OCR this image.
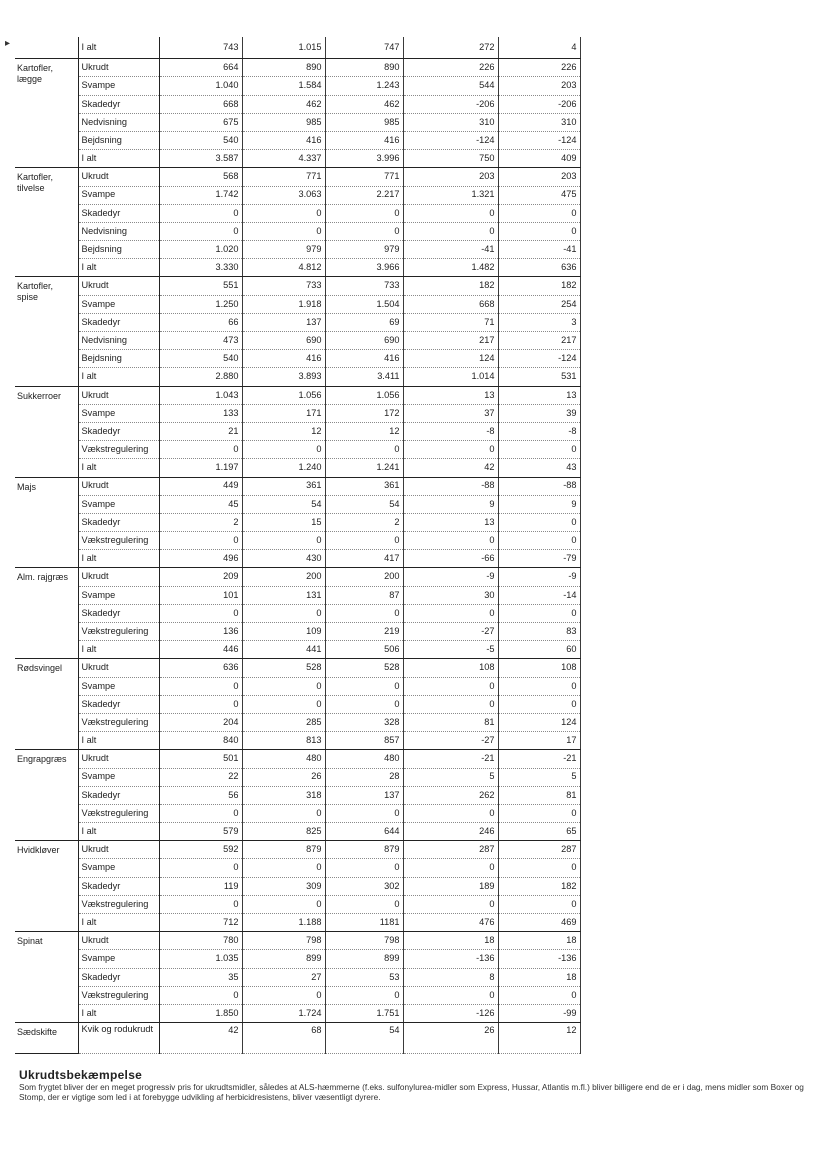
▸
		I alt	743	1.015	747	272	4
Kartofler, lægge	Ukrudt	664	890	890	226	226
	Svampe	1.040	1.584	1.243	544	203
	Skadedyr	668	462	462	-206	-206
	Nedvisning	675	985	985	310	310
	Bejdsning	540	416	416	-124	-124
	I alt	3.587	4.337	3.996	750	409
Kartofler, tilvelse	Ukrudt	568	771	771	203	203
	Svampe	1.742	3.063	2.217	1.321	475
	Skadedyr	0	0	0	0	0
	Nedvisning	0	0	0	0	0
	Bejdsning	1.020	979	979	-41	-41
	I alt	3.330	4.812	3.966	1.482	636
Kartofler, spise	Ukrudt	551	733	733	182	182
	Svampe	1.250	1.918	1.504	668	254
	Skadedyr	66	137	69	71	3
	Nedvisning	473	690	690	217	217
	Bejdsning	540	416	416	124	-124
	I alt	2.880	3.893	3.411	1.014	531
Sukkerroer	Ukrudt	1.043	1.056	1.056	13	13
	Svampe	133	171	172	37	39
	Skadedyr	21	12	12	-8	-8
	Vækstregulering	0	0	0	0	0
	I alt	1.197	1.240	1.241	42	43
Majs	Ukrudt	449	361	361	-88	-88
	Svampe	45	54	54	9	9
	Skadedyr	2	15	2	13	0
	Vækstregulering	0	0	0	0	0
	I alt	496	430	417	-66	-79
Alm. rajgræs	Ukrudt	209	200	200	-9	-9
	Svampe	101	131	87	30	-14
	Skadedyr	0	0	0	0	0
	Vækstregulering	136	109	219	-27	83
	I alt	446	441	506	-5	60
Rødsvingel	Ukrudt	636	528	528	108	108
	Svampe	0	0	0	0	0
	Skadedyr	0	0	0	0	0
	Vækstregulering	204	285	328	81	124
	I alt	840	813	857	-27	17
Engrapgræs	Ukrudt	501	480	480	-21	-21
	Svampe	22	26	28	5	5
	Skadedyr	56	318	137	262	81
	Vækstregulering	0	0	0	0	0
	I alt	579	825	644	246	65
Hvidkløver	Ukrudt	592	879	879	287	287
	Svampe	0	0	0	0	0
	Skadedyr	119	309	302	189	182
	Vækstregulering	0	0	0	0	0
	I alt	712	1.188	1181	476	469
Spinat	Ukrudt	780	798	798	18	18
	Svampe	1.035	899	899	-136	-136
	Skadedyr	35	27	53	8	18
	Vækstregulering	0	0	0	0	0
	I alt	1.850	1.724	1.751	-126	-99
Sædskifte	Kvik og rodukrudt	42	68	54	26	12
Ukrudtsbekæmpelse
Som frygtet bliver der en meget progressiv pris for ukrudtsmidler, således at ALS-hæmmerne (f.eks. sulfonylurea-midler som Express, Hussar, Atlantis m.fl.) bliver billigere end de er i dag, mens midler som Boxer og Stomp, der er vigtige som led i at forebygge udvikling af herbicidresistens, bliver væsentligt dyrere.
